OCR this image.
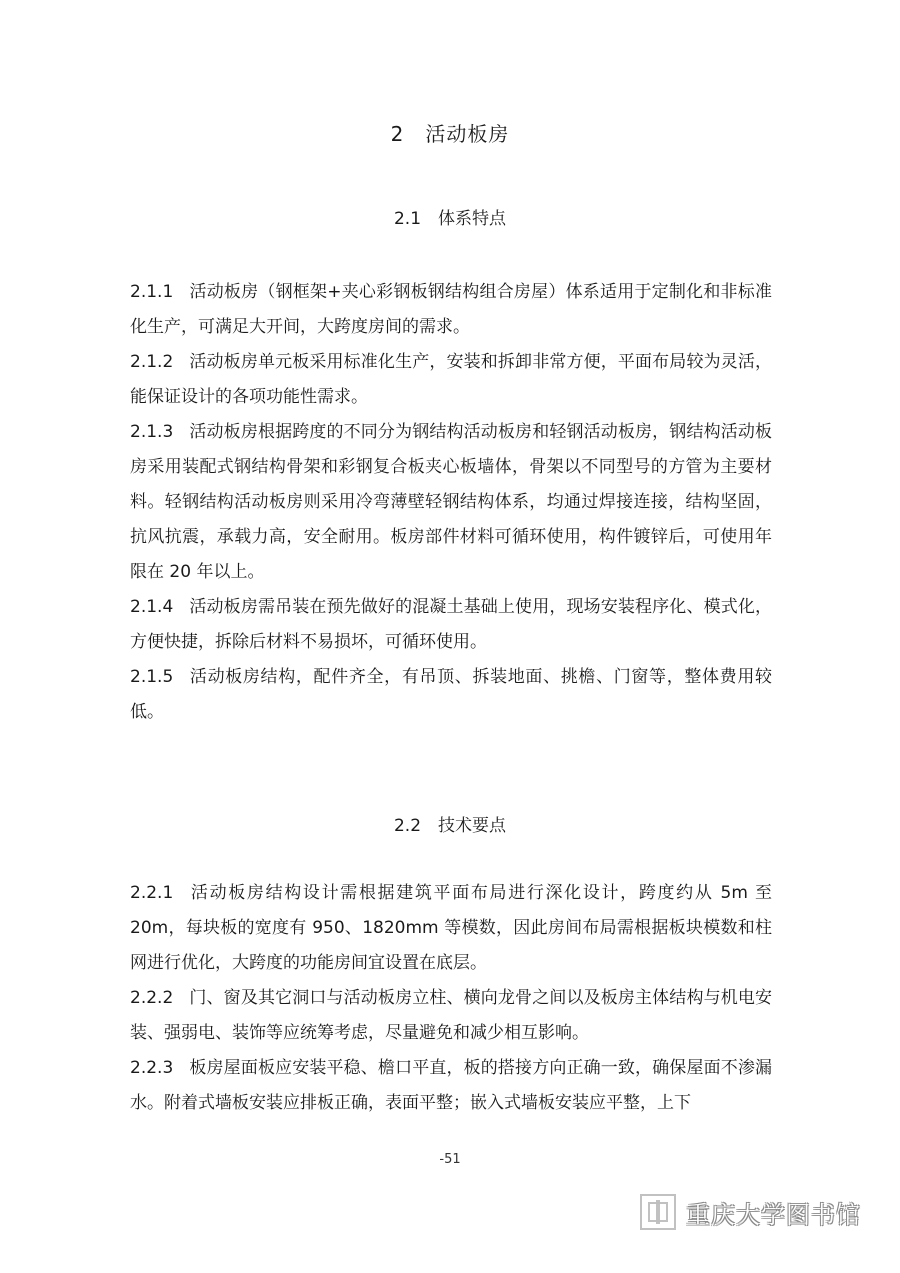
2　活动板房
2.1　体系特点

2.1.1 活动板房（钢框架+夹心彩钢板钢结构组合房屋）体系适用于定制化和非标准化生产，可满足大开间，大跨度房间的需求。

2.1.2 活动板房单元板采用标准化生产，安装和拆卸非常方便，平面布局较为灵活，能保证设计的各项功能性需求。

2.1.3 活动板房根据跨度的不同分为钢结构活动板房和轻钢活动板房，钢结构活动板房采用装配式钢结构骨架和彩钢复合板夹心板墙体，骨架以不同型号的方管为主要材料。轻钢结构活动板房则采用冷弯薄壁轻钢结构体系，均通过焊接连接，结构坚固，抗风抗震，承载力高，安全耐用。板房部件材料可循环使用，构件镀锌后，可使用年限在 20 年以上。

2.1.4 活动板房需吊装在预先做好的混凝土基础上使用，现场安装程序化、模式化，方便快捷，拆除后材料不易损坏，可循环使用。

2.1.5 活动板房结构，配件齐全，有吊顶、拆装地面、挑檐、门窗等，整体费用较低。

2.2　技术要点

2.2.1 活动板房结构设计需根据建筑平面布局进行深化设计，跨度约从 5m 至 20m，每块板的宽度有 950、1820mm 等模数，因此房间布局需根据板块模数和柱网进行优化，大跨度的功能房间宜设置在底层。

2.2.2 门、窗及其它洞口与活动板房立柱、横向龙骨之间以及板房主体结构与机电安装、强弱电、装饰等应统筹考虑，尽量避免和减少相互影响。

2.2.3 板房屋面板应安装平稳、檐口平直，板的搭接方向正确一致，确保屋面不渗漏水。附着式墙板安装应排板正确，表面平整；嵌入式墙板安装应平整，上下

-51
重庆大学图书馆
